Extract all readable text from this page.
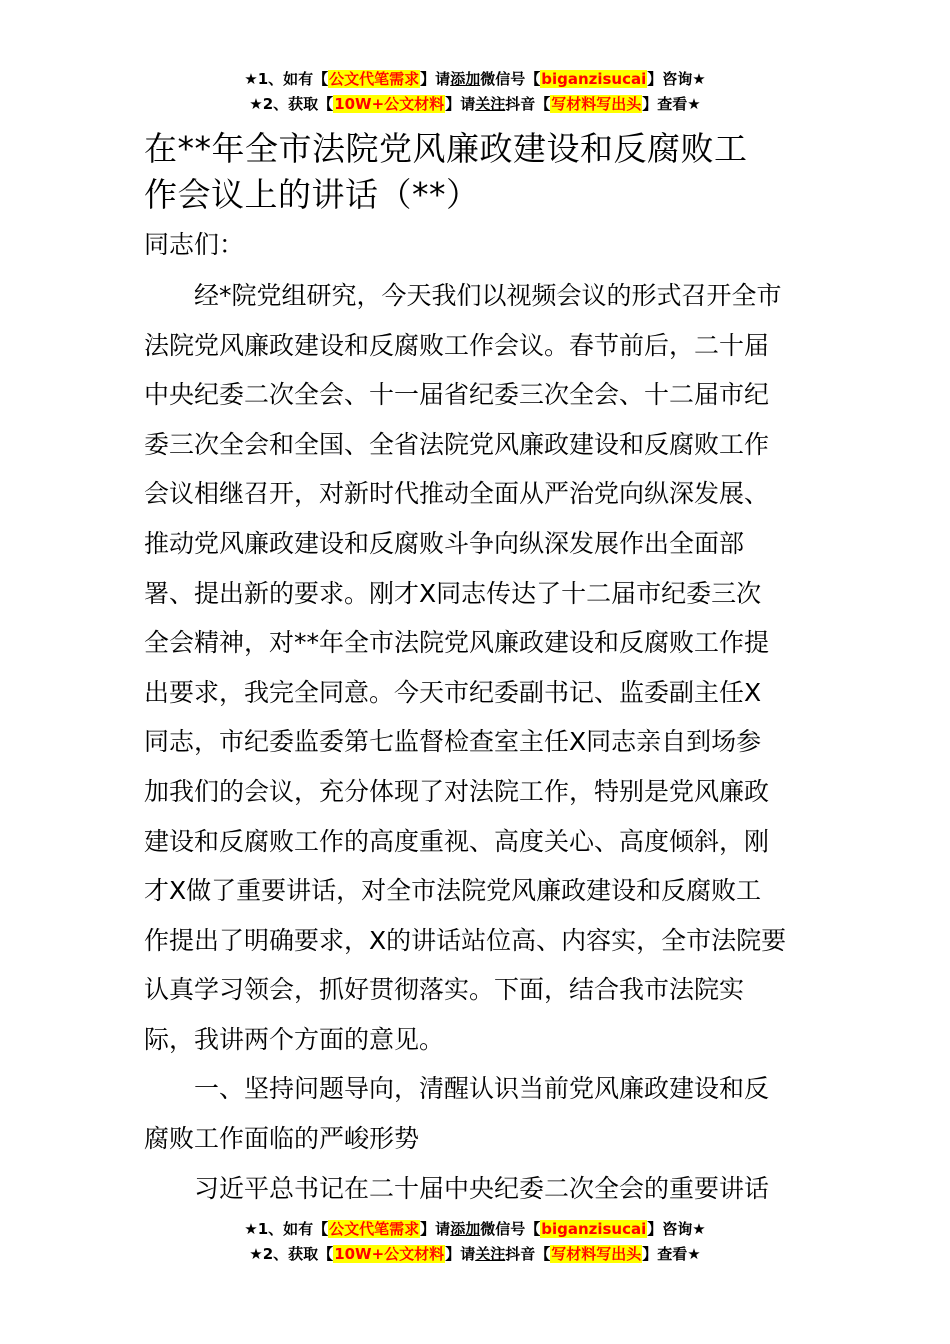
★1、如有【公文代笔需求】请添加微信号【biganzisucai】咨询★
★2、获取【10W+公文材料】请关注抖音【写材料写出头】查看★
在**年全市法院党风廉政建设和反腐败工
作会议上的讲话（**）

同志们：

经*院党组研究，今天我们以视频会议的形式召开全市
法院党风廉政建设和反腐败工作会议。春节前后，二十届
中央纪委二次全会、十一届省纪委三次全会、十二届市纪
委三次全会和全国、全省法院党风廉政建设和反腐败工作
会议相继召开，对新时代推动全面从严治党向纵深发展、
推动党风廉政建设和反腐败斗争向纵深发展作出全面部
署、提出新的要求。刚才X同志传达了十二届市纪委三次
全会精神，对**年全市法院党风廉政建设和反腐败工作提
出要求，我完全同意。今天市纪委副书记、监委副主任X
同志，市纪委监委第七监督检查室主任X同志亲自到场参
加我们的会议，充分体现了对法院工作，特别是党风廉政
建设和反腐败工作的高度重视、高度关心、高度倾斜，刚
才X做了重要讲话，对全市法院党风廉政建设和反腐败工
作提出了明确要求，X的讲话站位高、内容实，全市法院要
认真学习领会，抓好贯彻落实。下面，结合我市法院实
际，我讲两个方面的意见。
一、坚持问题导向，清醒认识当前党风廉政建设和反
腐败工作面临的严峻形势
习近平总书记在二十届中央纪委二次全会的重要讲话
★1、如有【公文代笔需求】请添加微信号【biganzisucai】咨询★
★2、获取【10W+公文材料】请关注抖音【写材料写出头】查看★
